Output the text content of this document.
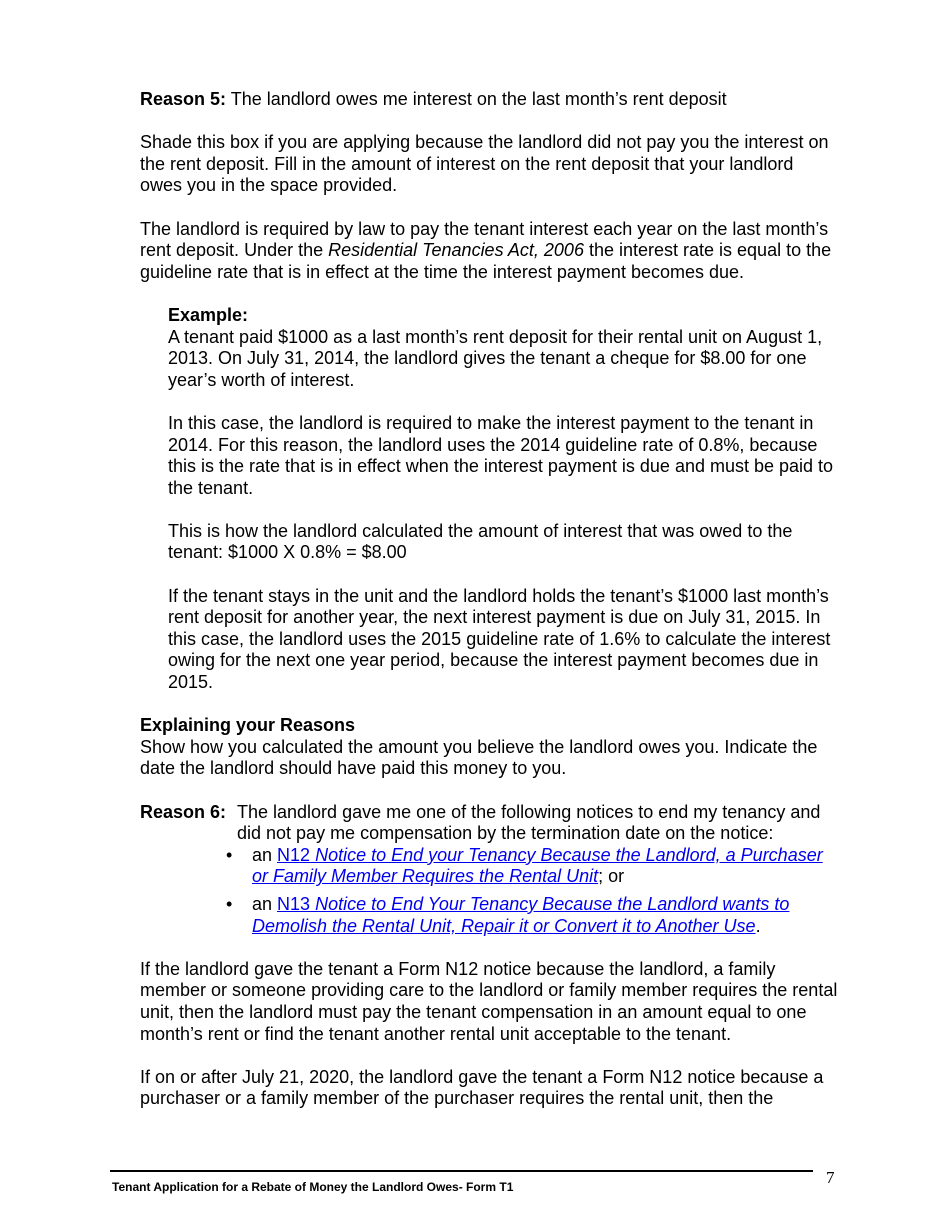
Reason 5: The landlord owes me interest on the last month’s rent deposit

Shade this box if you are applying because the landlord did not pay you the interest on the rent deposit. Fill in the amount of interest on the rent deposit that your landlord owes you in the space provided.

The landlord is required by law to pay the tenant interest each year on the last month’s rent deposit. Under the Residential Tenancies Act, 2006 the interest rate is equal to the guideline rate that is in effect at the time the interest payment becomes due.

Example:

A tenant paid $1000 as a last month’s rent deposit for their rental unit on August 1, 2013. On July 31, 2014, the landlord gives the tenant a cheque for $8.00 for one year’s worth of interest.

In this case, the landlord is required to make the interest payment to the tenant in 2014. For this reason, the landlord uses the 2014 guideline rate of 0.8%, because this is the rate that is in effect when the interest payment is due and must be paid to the tenant.

This is how the landlord calculated the amount of interest that was owed to the tenant: $1000 X 0.8% = $8.00

If the tenant stays in the unit and the landlord holds the tenant’s $1000 last month’s rent deposit for another year, the next interest payment is due on July 31, 2015. In this case, the landlord uses the 2015 guideline rate of 1.6% to calculate the interest owing for the next one year period, because the interest payment becomes due in 2015.

Explaining your Reasons

Show how you calculated the amount you believe the landlord owes you. Indicate the date the landlord should have paid this money to you.

Reason 6: The landlord gave me one of the following notices to end my tenancy and did not pay me compensation by the termination date on the notice:

• an N12 Notice to End your Tenancy Because the Landlord, a Purchaser or Family Member Requires the Rental Unit; or
• an N13 Notice to End Your Tenancy Because the Landlord wants to Demolish the Rental Unit, Repair it or Convert it to Another Use.

If the landlord gave the tenant a Form N12 notice because the landlord, a family member or someone providing care to the landlord or family member requires the rental unit, then the landlord must pay the tenant compensation in an amount equal to one month’s rent or find the tenant another rental unit acceptable to the tenant.

If on or after July 21, 2020, the landlord gave the tenant a Form N12 notice because a purchaser or a family member of the purchaser requires the rental unit, then the

Tenant Application for a Rebate of Money the Landlord Owes- Form T1	7
